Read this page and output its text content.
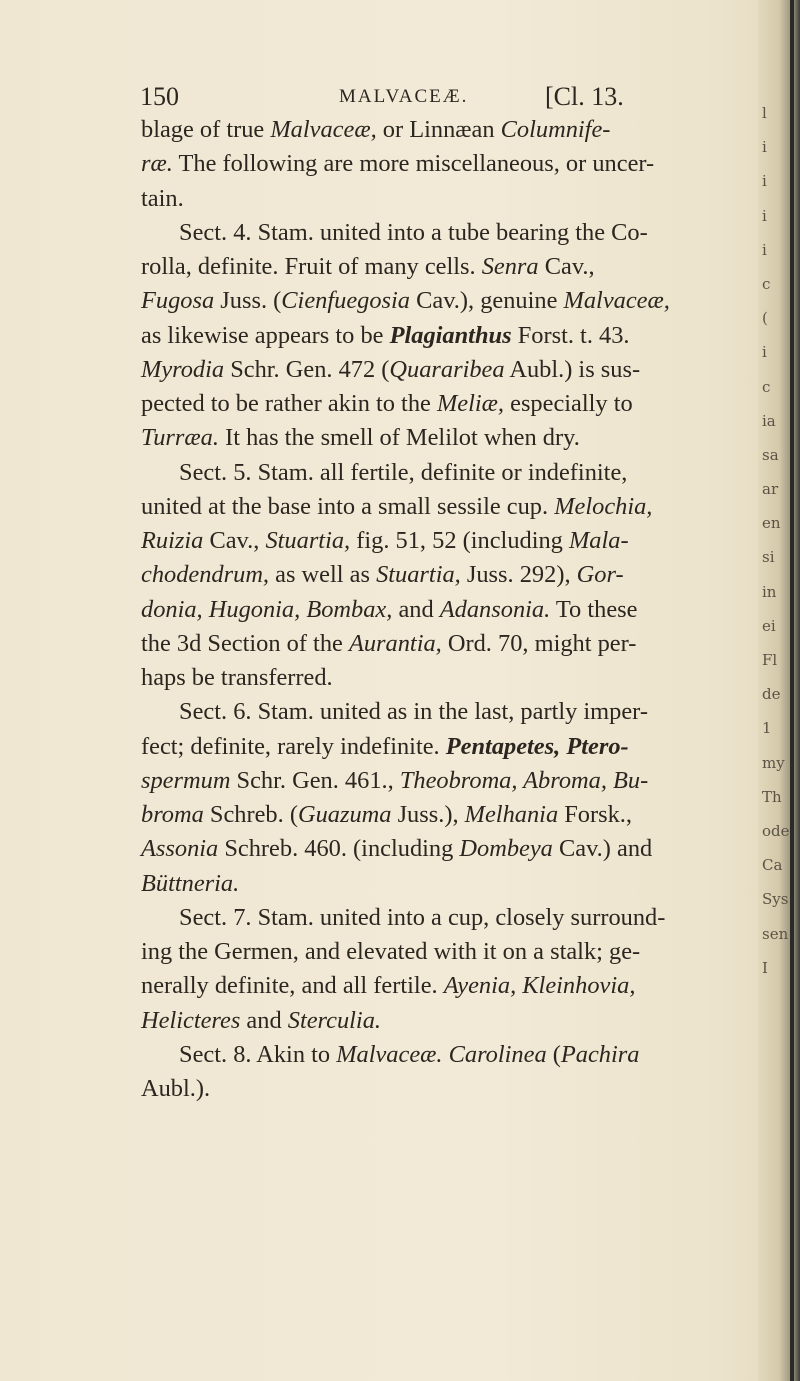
l
i
i
i
i
c
(
i
c
ia
sa
ar
en
si
in
ei
Fl
de
1
my
Th
ode
Ca
Sys
sen
I
150	MALVACEÆ.	[Cl. 13.
blage of true Malvaceæ, or Linnæan Columnife-
ræ. The following are more miscellaneous, or uncer-
tain.
Sect. 4. Stam. united into a tube bearing the Co-
rolla, definite. Fruit of many cells. Senra Cav.,
Fugosa Juss. (Cienfuegosia Cav.), genuine Malvaceæ,
as likewise appears to be Plagianthus Forst. t. 43.
Myrodia Schr. Gen. 472 (Quararibea Aubl.) is sus-
pected to be rather akin to the Meliæ, especially to
Turræa. It has the smell of Melilot when dry.
Sect. 5. Stam. all fertile, definite or indefinite,
united at the base into a small sessile cup. Melochia,
Ruizia Cav., Stuartia, fig. 51, 52 (including Mala-
chodendrum, as well as Stuartia, Juss. 292), Gor-
donia, Hugonia, Bombax, and Adansonia. To these
the 3d Section of the Aurantia, Ord. 70, might per-
haps be transferred.
Sect. 6. Stam. united as in the last, partly imper-
fect; definite, rarely indefinite. Pentapetes, Ptero-
spermum Schr. Gen. 461., Theobroma, Abroma, Bu-
broma Schreb. (Guazuma Juss.), Melhania Forsk.,
Assonia Schreb. 460. (including Dombeya Cav.) and
Büttneria.
Sect. 7. Stam. united into a cup, closely surround-
ing the Germen, and elevated with it on a stalk; ge-
nerally definite, and all fertile. Ayenia, Kleinhovia,
Helicteres and Sterculia.
Sect. 8. Akin to Malvaceæ. Carolinea (Pachira
Aubl.).
